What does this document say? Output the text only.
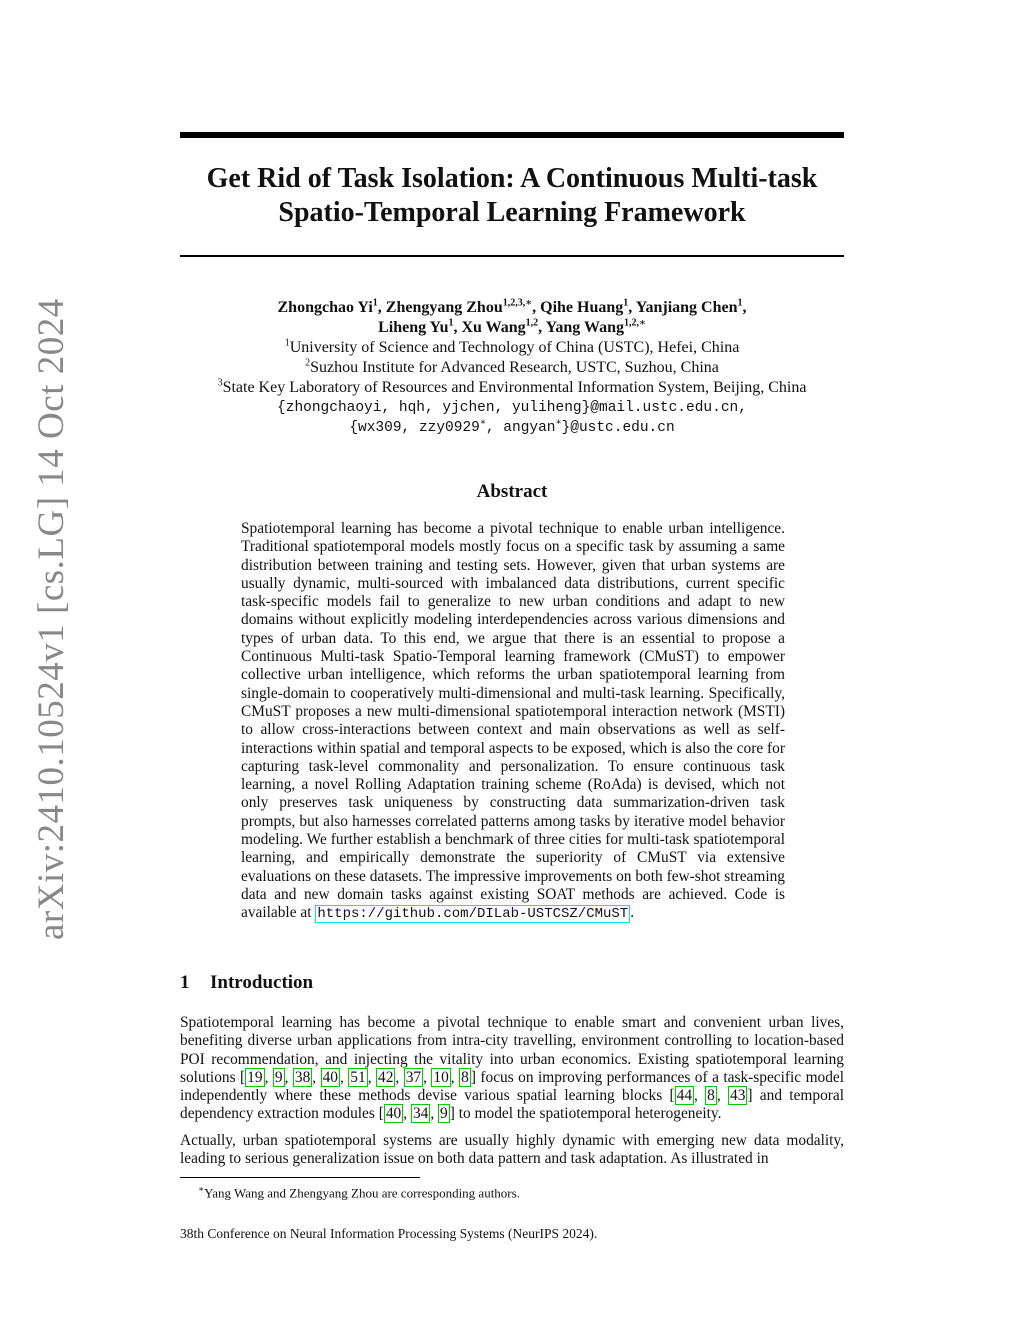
arXiv:2410.10524v1 [cs.LG] 14 Oct 2024
Get Rid of Task Isolation: A Continuous Multi-task
Spatio-Temporal Learning Framework
Zhongchao Yi$^1$, Zhengyang Zhou$^{1,2,3,∗}$, Qihe Huang$^1$, Yanjiang Chen$^1$,
Liheng Yu$^1$, Xu Wang$^{1,2}$, Yang Wang$^{1,2,∗}$
$^1$University of Science and Technology of China (USTC), Hefei, China
$^2$Suzhou Institute for Advanced Research, USTC, Suzhou, China
$^3$State Key Laboratory of Resources and Environmental Information System, Beijing, China
{zhongchaoyi, hqh, yjchen, yuliheng}@mail.ustc.edu.cn,
{wx309, zzy0929∗, angyan∗}@ustc.edu.cn
Abstract

Spatiotemporal learning has become a pivotal technique to enable urban intelligence. Traditional spatiotemporal models mostly focus on a specific task by assuming a same distribution between training and testing sets. However, given that urban systems are usually dynamic, multi-sourced with imbalanced data distributions, current specific task-specific models fail to generalize to new urban conditions and adapt to new domains without explicitly modeling interdependencies across various dimensions and types of urban data. To this end, we argue that there is an essential to propose a Continuous Multi-task Spatio-Temporal learning framework (CMuST) to empower collective urban intelligence, which reforms the urban spatiotemporal learning from single-domain to cooperatively multi-dimensional and multi-task learning. Specifically, CMuST proposes a new multi-dimensional spatiotemporal interaction network (MSTI) to allow cross-interactions between context and main observations as well as self-interactions within spatial and temporal aspects to be exposed, which is also the core for capturing task-level commonality and personalization. To ensure continuous task learning, a novel Rolling Adaptation training scheme (RoAda) is devised, which not only preserves task uniqueness by constructing data summarization-driven task prompts, but also harnesses correlated patterns among tasks by iterative model behavior modeling. We further establish a benchmark of three cities for multi-task spatiotemporal learning, and empirically demonstrate the superiority of CMuST via extensive evaluations on these datasets. The impressive improvements on both few-shot streaming data and new domain tasks against existing SOAT methods are achieved. Code is available at https://github.com/DILab-USTCSZ/CMuST .

1 Introduction

Spatiotemporal learning has become a pivotal technique to enable smart and convenient urban lives, benefiting diverse urban applications from intra-city travelling, environment controlling to location-based POI recommendation, and injecting the vitality into urban economics. Existing spatiotemporal learning solutions [ 19 , 9 , 38 , 40 , 51 , 42 , 37 , 10 , 8 ] focus on improving performances of a task-specific model independently where these methods devise various spatial learning blocks [ 44 , 8 , 43 ] and temporal dependency extraction modules [ 40 , 34 , 9 ] to model the spatiotemporal heterogeneity.

Actually, urban spatiotemporal systems are usually highly dynamic with emerging new data modality, leading to serious generalization issue on both data pattern and task adaptation. As illustrated in

∗Yang Wang and Zhengyang Zhou are corresponding authors.

38th Conference on Neural Information Processing Systems (NeurIPS 2024).
